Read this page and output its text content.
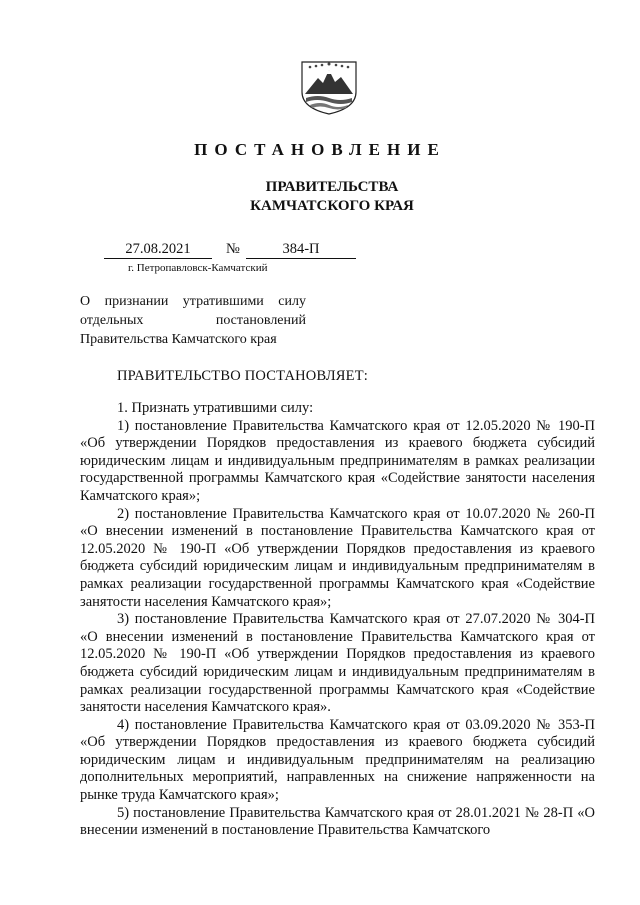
ПОСТАНОВЛЕНИЕ
ПРАВИТЕЛЬСТВА
КАМЧАТСКОГО КРАЯ
27.08.2021	№	384-П
г. Петропавловск-Камчатский
О признании утратившими силу
отдельных постановлений
Правительства Камчатского края
ПРАВИТЕЛЬСТВО ПОСТАНОВЛЯЕТ:

1. Признать утратившими силу:

1) постановление Правительства Камчатского края от 12.05.2020 № 190-П «Об утверждении Порядков предоставления из краевого бюджета субсидий юридическим лицам и индивидуальным предпринимателям в рамках реализации государственной программы Камчатского края «Содействие занятости населения Камчатского края»;

2) постановление Правительства Камчатского края от 10.07.2020 № 260-П «О внесении изменений в постановление Правительства Камчатского края от 12.05.2020 № 190-П «Об утверждении Порядков предоставления из краевого бюджета субсидий юридическим лицам и индивидуальным предпринимателям в рамках реализации государственной программы Камчатского края «Содействие занятости населения Камчатского края»;

3) постановление Правительства Камчатского края от 27.07.2020 № 304-П «О внесении изменений в постановление Правительства Камчатского края от 12.05.2020 № 190-П «Об утверждении Порядков предоставления из краевого бюджета субсидий юридическим лицам и индивидуальным предпринимателям в рамках реализации государственной программы Камчатского края «Содействие занятости населения Камчатского края».

4) постановление Правительства Камчатского края от 03.09.2020 № 353-П «Об утверждении Порядков предоставления из краевого бюджета субсидий юридическим лицам и индивидуальным предпринимателям на реализацию дополнительных мероприятий, направленных на снижение напряженности на рынке труда Камчатского края»;

5) постановление Правительства Камчатского края от 28.01.2021 № 28-П «О внесении изменений в постановление Правительства Камчатского
